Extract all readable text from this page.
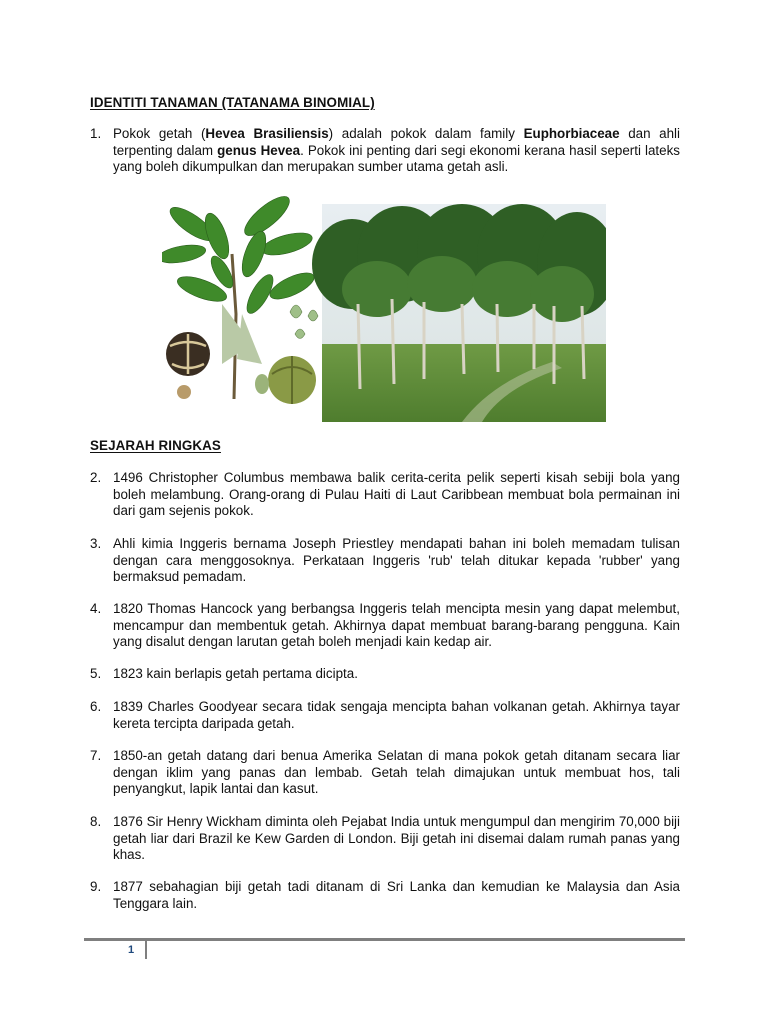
IDENTITI TANAMAN (TATANAMA BINOMIAL)
1. Pokok getah (Hevea Brasiliensis) adalah pokok dalam family Euphorbiaceae dan ahli terpenting dalam genus Hevea. Pokok ini penting dari segi ekonomi kerana hasil seperti lateks yang boleh dikumpulkan dan merupakan sumber utama getah asli.
SEJARAH RINGKAS
2. 1496 Christopher Columbus membawa balik cerita-cerita pelik seperti kisah sebiji bola yang boleh melambung. Orang-orang di Pulau Haiti di Laut Caribbean membuat bola permainan ini dari gam sejenis pokok.
3. Ahli kimia Inggeris bernama Joseph Priestley mendapati bahan ini boleh memadam tulisan dengan cara menggosoknya. Perkataan Inggeris 'rub' telah ditukar kepada 'rubber' yang bermaksud pemadam.
4. 1820 Thomas Hancock yang berbangsa Inggeris telah mencipta mesin yang dapat melembut, mencampur dan membentuk getah. Akhirnya dapat membuat barang-barang pengguna. Kain yang disalut dengan larutan getah boleh menjadi kain kedap air.
5. 1823 kain berlapis getah pertama dicipta.
6. 1839 Charles Goodyear secara tidak sengaja mencipta bahan volkanan getah. Akhirnya tayar kereta tercipta daripada getah.
7. 1850-an getah datang dari benua Amerika Selatan di mana pokok getah ditanam secara liar dengan iklim yang panas dan lembab. Getah telah dimajukan untuk membuat hos, tali penyangkut, lapik lantai dan kasut.
8. 1876 Sir Henry Wickham diminta oleh Pejabat India untuk mengumpul dan mengirim 70,000 biji getah liar dari Brazil ke Kew Garden di London. Biji getah ini disemai dalam rumah panas yang khas.
9. 1877 sebahagian biji getah tadi ditanam di Sri Lanka dan kemudian ke Malaysia dan Asia Tenggara lain.
1
